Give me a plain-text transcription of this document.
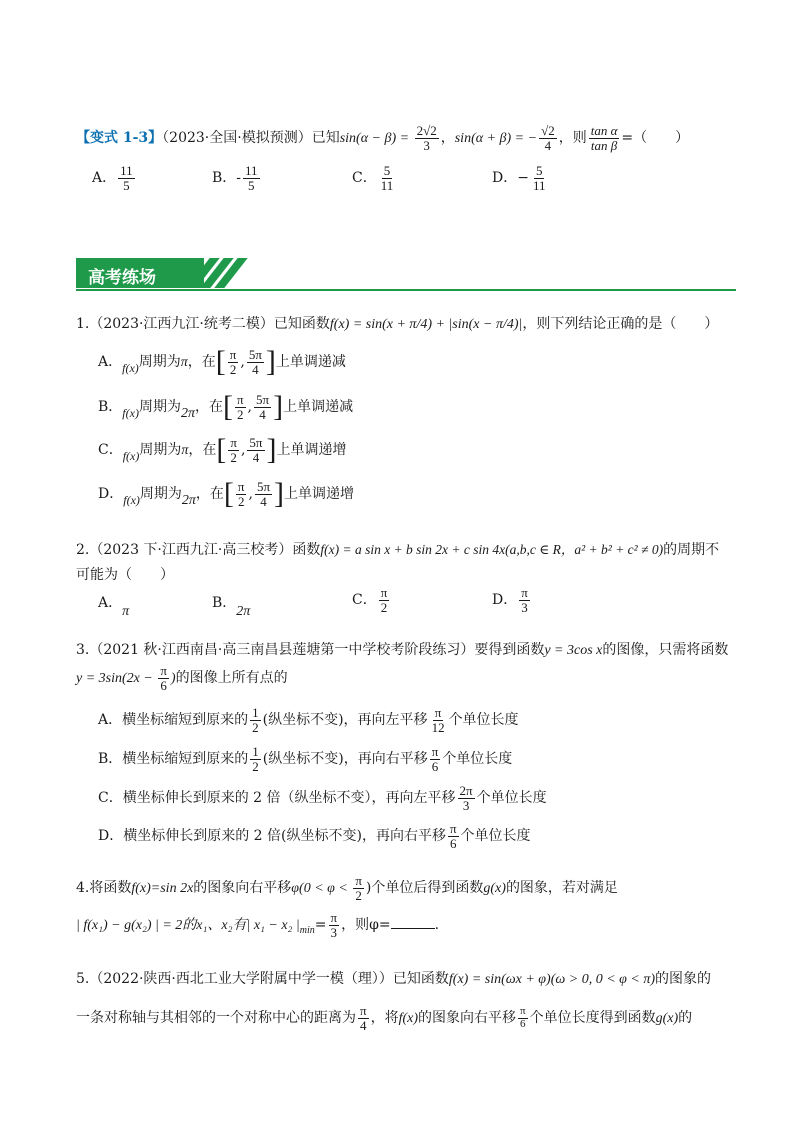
【变式 1-3】（2023·全国·模拟预测）已知$\sin(\alpha - \beta) = \frac{2√2}{3}$ ，sin(α + β) = − $\frac{√2}{4}$ ，则 $\frac{\text{tan α}}{\text{tan β}}$ =（　　）
A． $\frac{11}{5}$	B．- $\frac{11}{5}$	C． $\frac{5}{11}$	D．− $\frac{5}{11}$
高考练场
1.（2023·江西九江·统考二模）已知函数f(x) = sin(x + π/4) + |sin(x − π/4)|，则下列结论正确的是（　　）
A．f(x)周期为π，在[ $\frac{\pi}{2}$ , $\frac{5\pi}{4}$ ]上单调递减
B．f(x)周期为2π，在[ $\frac{\pi}{2}$ , $\frac{5\pi}{4}$ ]上单调递减
C．f(x)周期为π，在[ $\frac{\pi}{2}$ , $\frac{5\pi}{4}$ ]上单调递增
D．f(x)周期为2π，在[ $\frac{\pi}{2}$ , $\frac{5\pi}{4}$ ]上单调递增
2.（2023 下·江西九江·高三校考）函数f(x) = a sin x + b sin 2x + c sin 4x(a,b,c ∈ R，a² + b² + c² ≠ 0)的周期不
可能为（　　）
A．π
B．2π
C． $\frac{\pi}{2}$	D． $\frac{\pi}{3}$
3.（2021 秋·江西南昌·高三南昌县莲塘第一中学校考阶段练习）要得到函数y = 3cos x的图像，只需将函数
$y = 3\sin(2x - \frac{\pi}{6}$ )的图像上所有点的
A．横坐标缩短到原来的 $\frac{1}{2}$ (纵坐标不变)，再向左平移 $\frac{\pi}{12}$ 个单位长度
B．横坐标缩短到原来的 $\frac{1}{2}$ (纵坐标不变)，再向右平移 $\frac{\pi}{6}$ 个单位长度
C．横坐标伸长到原来的 2 倍（纵坐标不变），再向左平移 $\frac{2\pi}{3}$ 个单位长度
D．横坐标伸长到原来的 2 倍(纵坐标不变)，再向右平移 $\frac{\pi}{6}$ 个单位长度
4.将函数f(x)=sin 2x的图象向右平移$\varphi(0 < \varphi < \frac{\pi}{2}$ )个单位后得到函数g(x)的图象，若对满足
| f(x₁) − g(x₂) | = 2的x₁、x₂有| x₁ − x₂ $|_{min}= \frac{\pi}{3}$ ，则φ=	.
5.（2022·陕西·西北工业大学附属中学一模（理））已知函数f(x) = sin(ωx + φ)(ω > 0, 0 < φ < π)的图象的
一条对称轴与其相邻的一个对称中心的距离为 $\frac{\pi}{4}$ ，将f(x)的图象向右平移 $\frac{\pi}{6}$ 个单位长度得到函数g(x)的
